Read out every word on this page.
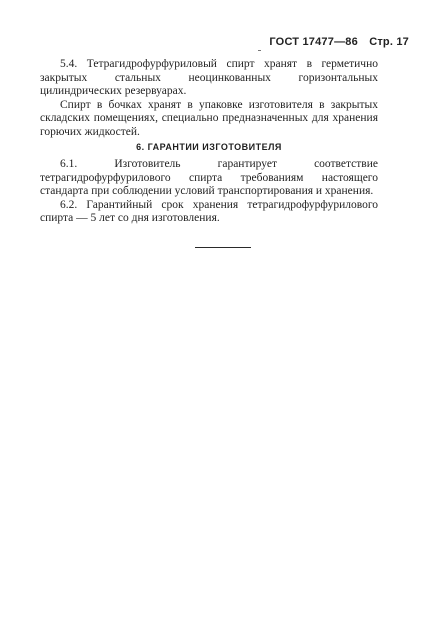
ГОСТ 17477—86 Стр. 17

5.4. Тетрагидрофурфуриловый спирт хранят в герметично закрытых стальных неоцинкованных горизонтальных цилиндрических резервуарах.

Спирт в бочках хранят в упаковке изготовителя в закрытых складских помещениях, специально предназначенных для хранения горючих жидкостей.

6. ГАРАНТИИ ИЗГОТОВИТЕЛЯ

6.1. Изготовитель гарантирует соответствие тетрагидрофурфурилового спирта требованиям настоящего стандарта при соблюдении условий транспортирования и хранения.

6.2. Гарантийный срок хранения тетрагидрофурфурилового спирта — 5 лет со дня изготовления.
